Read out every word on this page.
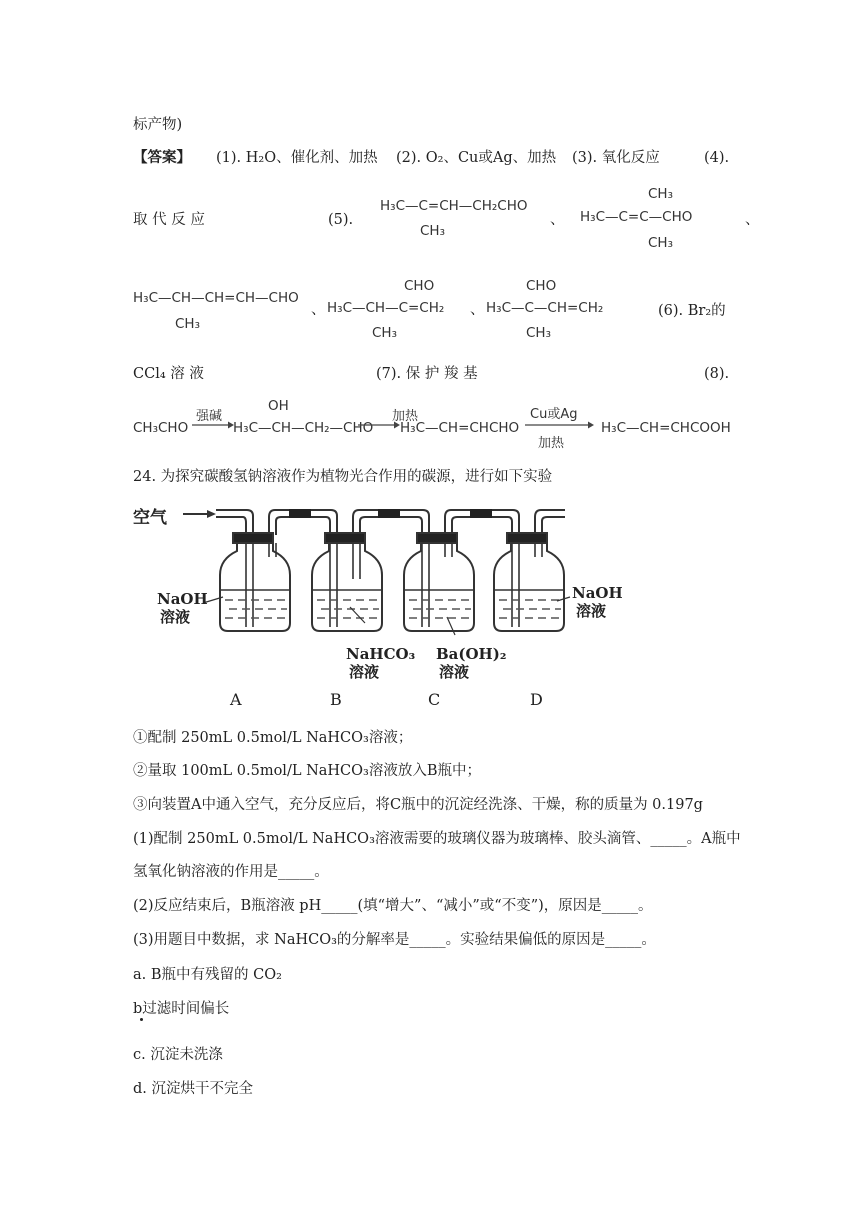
标产物)
【答案】 (1). H₂O、催化剂、加热 (2). O₂、Cu或Ag、加热 (3). 氧化反应	(4).
取 代 反 应	(5).
H₃C—C=CH—CH₂CHO
CH₃
、
CH₃
H₃C—C=C—CHO
CH₃
、
H₃C—CH—CH=CH—CHO
CH₃
、
CHO
H₃C—CH—C=CH₂
CH₃
、
CHO
H₃C—C—CH=CH₂
CH₃
(6). Br₂的
CCl₄ 溶 液	(7). 保 护 羧 基	(8).
CH₃CHO
强碱
OH
H₃C—CH—CH₂—CHO
加热
H₃C—CH=CHCHO
Cu或Ag
加热
H₃C—CH=CHCOOH
24. 为探究碳酸氢钠溶液作为植物光合作用的碳源，进行如下实验
空气
NaOH
溶液
NaHCO₃
溶液
Ba(OH)₂
溶液
NaOH
溶液
A	B	C	D
①配制 250mL 0.5mol/L NaHCO₃溶液；
②量取 100mL 0.5mol/L NaHCO₃溶液放入B瓶中；
③向装置A中通入空气，充分反应后，将C瓶中的沉淀经洗涤、干燥，称的质量为 0.197g
(1)配制 250mL 0.5mol/L NaHCO₃溶液需要的玻璃仪器为玻璃棒、胶头滴管、_____。A瓶中
氢氧化钠溶液的作用是_____。
(2)反应结束后，B瓶溶液 pH_____(填“增大”、“减小”或“不变”)，原因是_____。
(3)用题目中数据，求 NaHCO₃的分解率是_____。实验结果偏低的原因是_____。
a. B瓶中有残留的 CO₂
b过滤时间偏长
c. 沉淀未洗涤
d. 沉淀烘干不完全
